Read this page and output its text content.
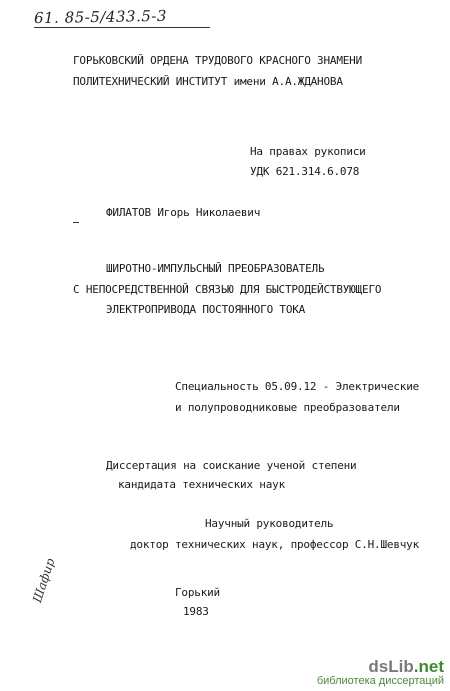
61. 85-5/433.5-3
ГОРЬКОВСКИЙ ОРДЕНА ТРУДОВОГО КРАСНОГО ЗНАМЕНИ
ПОЛИТЕХНИЧЕСКИЙ ИНСТИТУТ имени А.А.ЖДАНОВА
На правах рукописи
УДК 621.314.6.078
ФИЛАТОВ Игорь Николаевич
ШИРОТНО-ИМПУЛЬСНЫЙ ПРЕОБРАЗОВАТЕЛЬ
С НЕПОСРЕДСТВЕННОЙ СВЯЗЬЮ ДЛЯ БЫСТРОДЕЙСТВУЮЩЕГО
ЭЛЕКТРОПРИВОДА ПОСТОЯННОГО ТОКА
Специальность 05.09.12 - Электрические
и полупроводниковые преобразователи
Диссертация на соискание ученой степени
кандидата технических наук
Научный руководитель
доктор технических наук, профессор С.Н.Шевчук
Горький
1983
Шафир
dsLib.net
библиотека диссертаций
